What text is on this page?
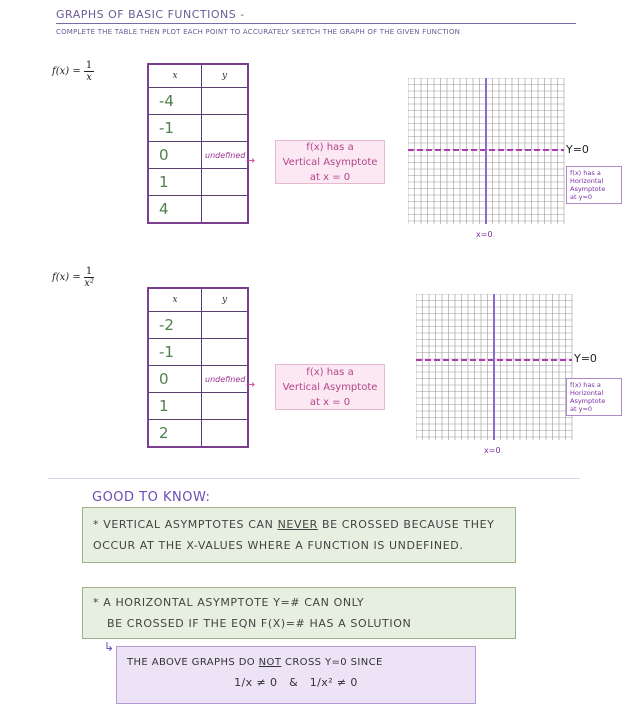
GRAPHS OF BASIC FUNCTIONS -
COMPLETE THE TABLE THEN PLOT EACH POINT TO ACCURATELY SKETCH THE GRAPH OF THE GIVEN FUNCTION
$f(x) = \frac{1}{x}$	x	y
-4	
-1	
0	undefined
1	
4	
→
f(x) has a
Vertical Asymptote
at x = 0
Y=0
x=0
f(x) has a
Horizontal
Asymptote
at y=0
$f(x) = \frac{1}{\text{x²}}$
x	y
-2	
-1	
0	undefined
1	
2	
→
f(x) has a
Vertical Asymptote
at x = 0
Y=0
x=0
f(x) has a
Horizontal
Asymptote
at y=0
GOOD TO KNOW:
* VERTICAL ASYMPTOTES CAN NEVER BE CROSSED BECAUSE THEY OCCUR AT THE X-VALUES WHERE A FUNCTION IS UNDEFINED.
* A HORIZONTAL ASYMPTOTE Y=# CAN ONLY
BE CROSSED IF THE EQN F(X)=# HAS A SOLUTION
↳
THE ABOVE GRAPHS DO NOT CROSS Y=0 SINCE
1/x ≠ 0 & 1/x² ≠ 0
